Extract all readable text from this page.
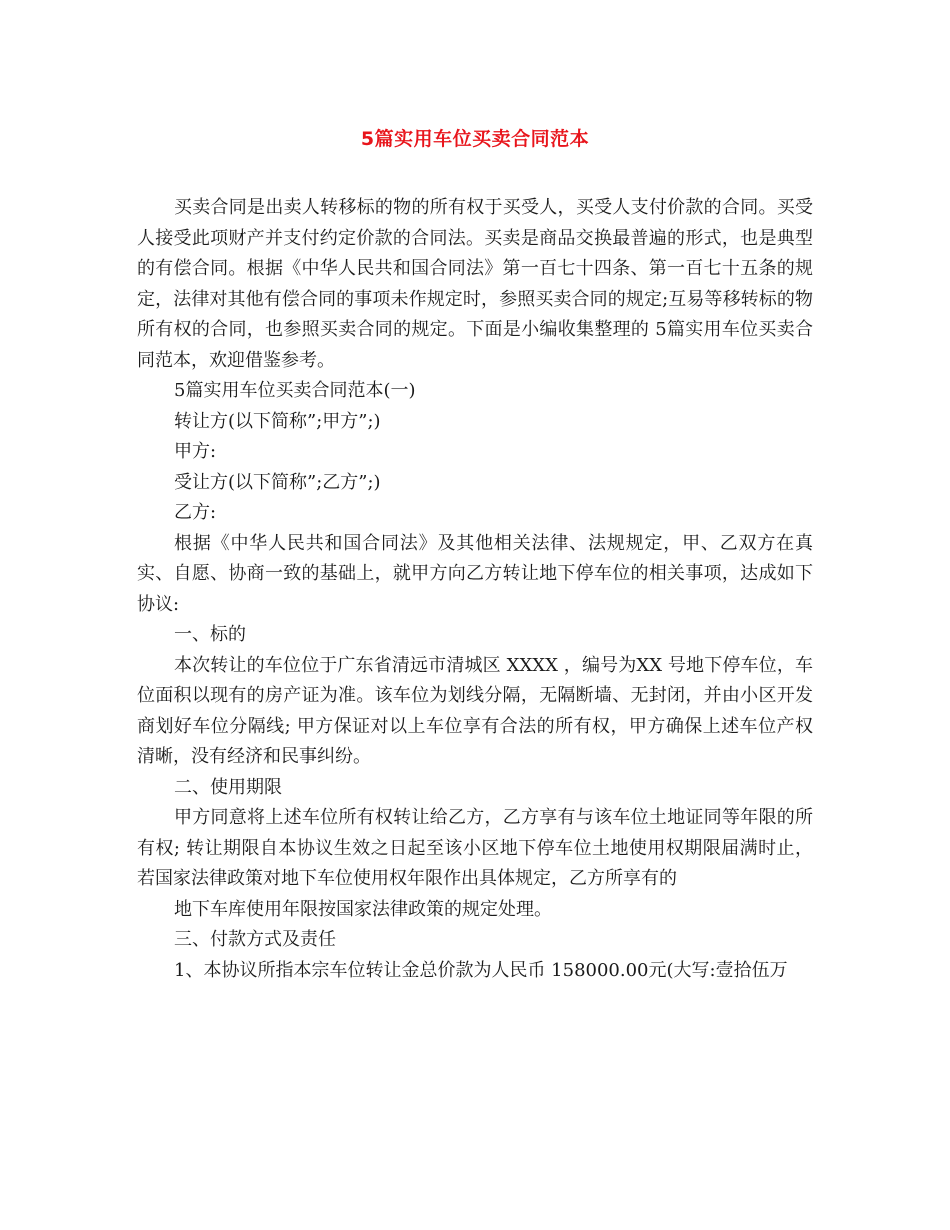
5篇实用车位买卖合同范本

买卖合同是出卖人转移标的物的所有权于买受人，买受人支付价款的合同。买受人接受此项财产并支付约定价款的合同法。买卖是商品交换最普遍的形式，也是典型的有偿合同。根据《中华人民共和国合同法》第一百七十四条、第一百七十五条的规定，法律对其他有偿合同的事项未作规定时，参照买卖合同的规定;互易等移转标的物所有权的合同，也参照买卖合同的规定。下面是小编收集整理的 5篇实用车位买卖合同范本，欢迎借鉴参考。

5篇实用车位买卖合同范本(一)

转让方(以下简称”;甲方”;)

甲方:

受让方(以下简称”;乙方”;)

乙方:

根据《中华人民共和国合同法》及其他相关法律、法规规定，甲、乙双方在真实、自愿、协商一致的基础上，就甲方向乙方转让地下停车位的相关事项，达成如下协议:

一、标的

本次转让的车位位于广东省清远市清城区 XXXX ，编号为XX 号地下停车位，车位面积以现有的房产证为准。该车位为划线分隔，无隔断墙、无封闭，并由小区开发商划好车位分隔线; 甲方保证对以上车位享有合法的所有权，甲方确保上述车位产权清晰，没有经济和民事纠纷。

二、使用期限

甲方同意将上述车位所有权转让给乙方，乙方享有与该车位土地证同等年限的所有权; 转让期限自本协议生效之日起至该小区地下停车位土地使用权期限届满时止，若国家法律政策对地下车位使用权年限作出具体规定，乙方所享有的

地下车库使用年限按国家法律政策的规定处理。

三、付款方式及责任

1、本协议所指本宗车位转让金总价款为人民币 158000.00元(大写:壹拾伍万
